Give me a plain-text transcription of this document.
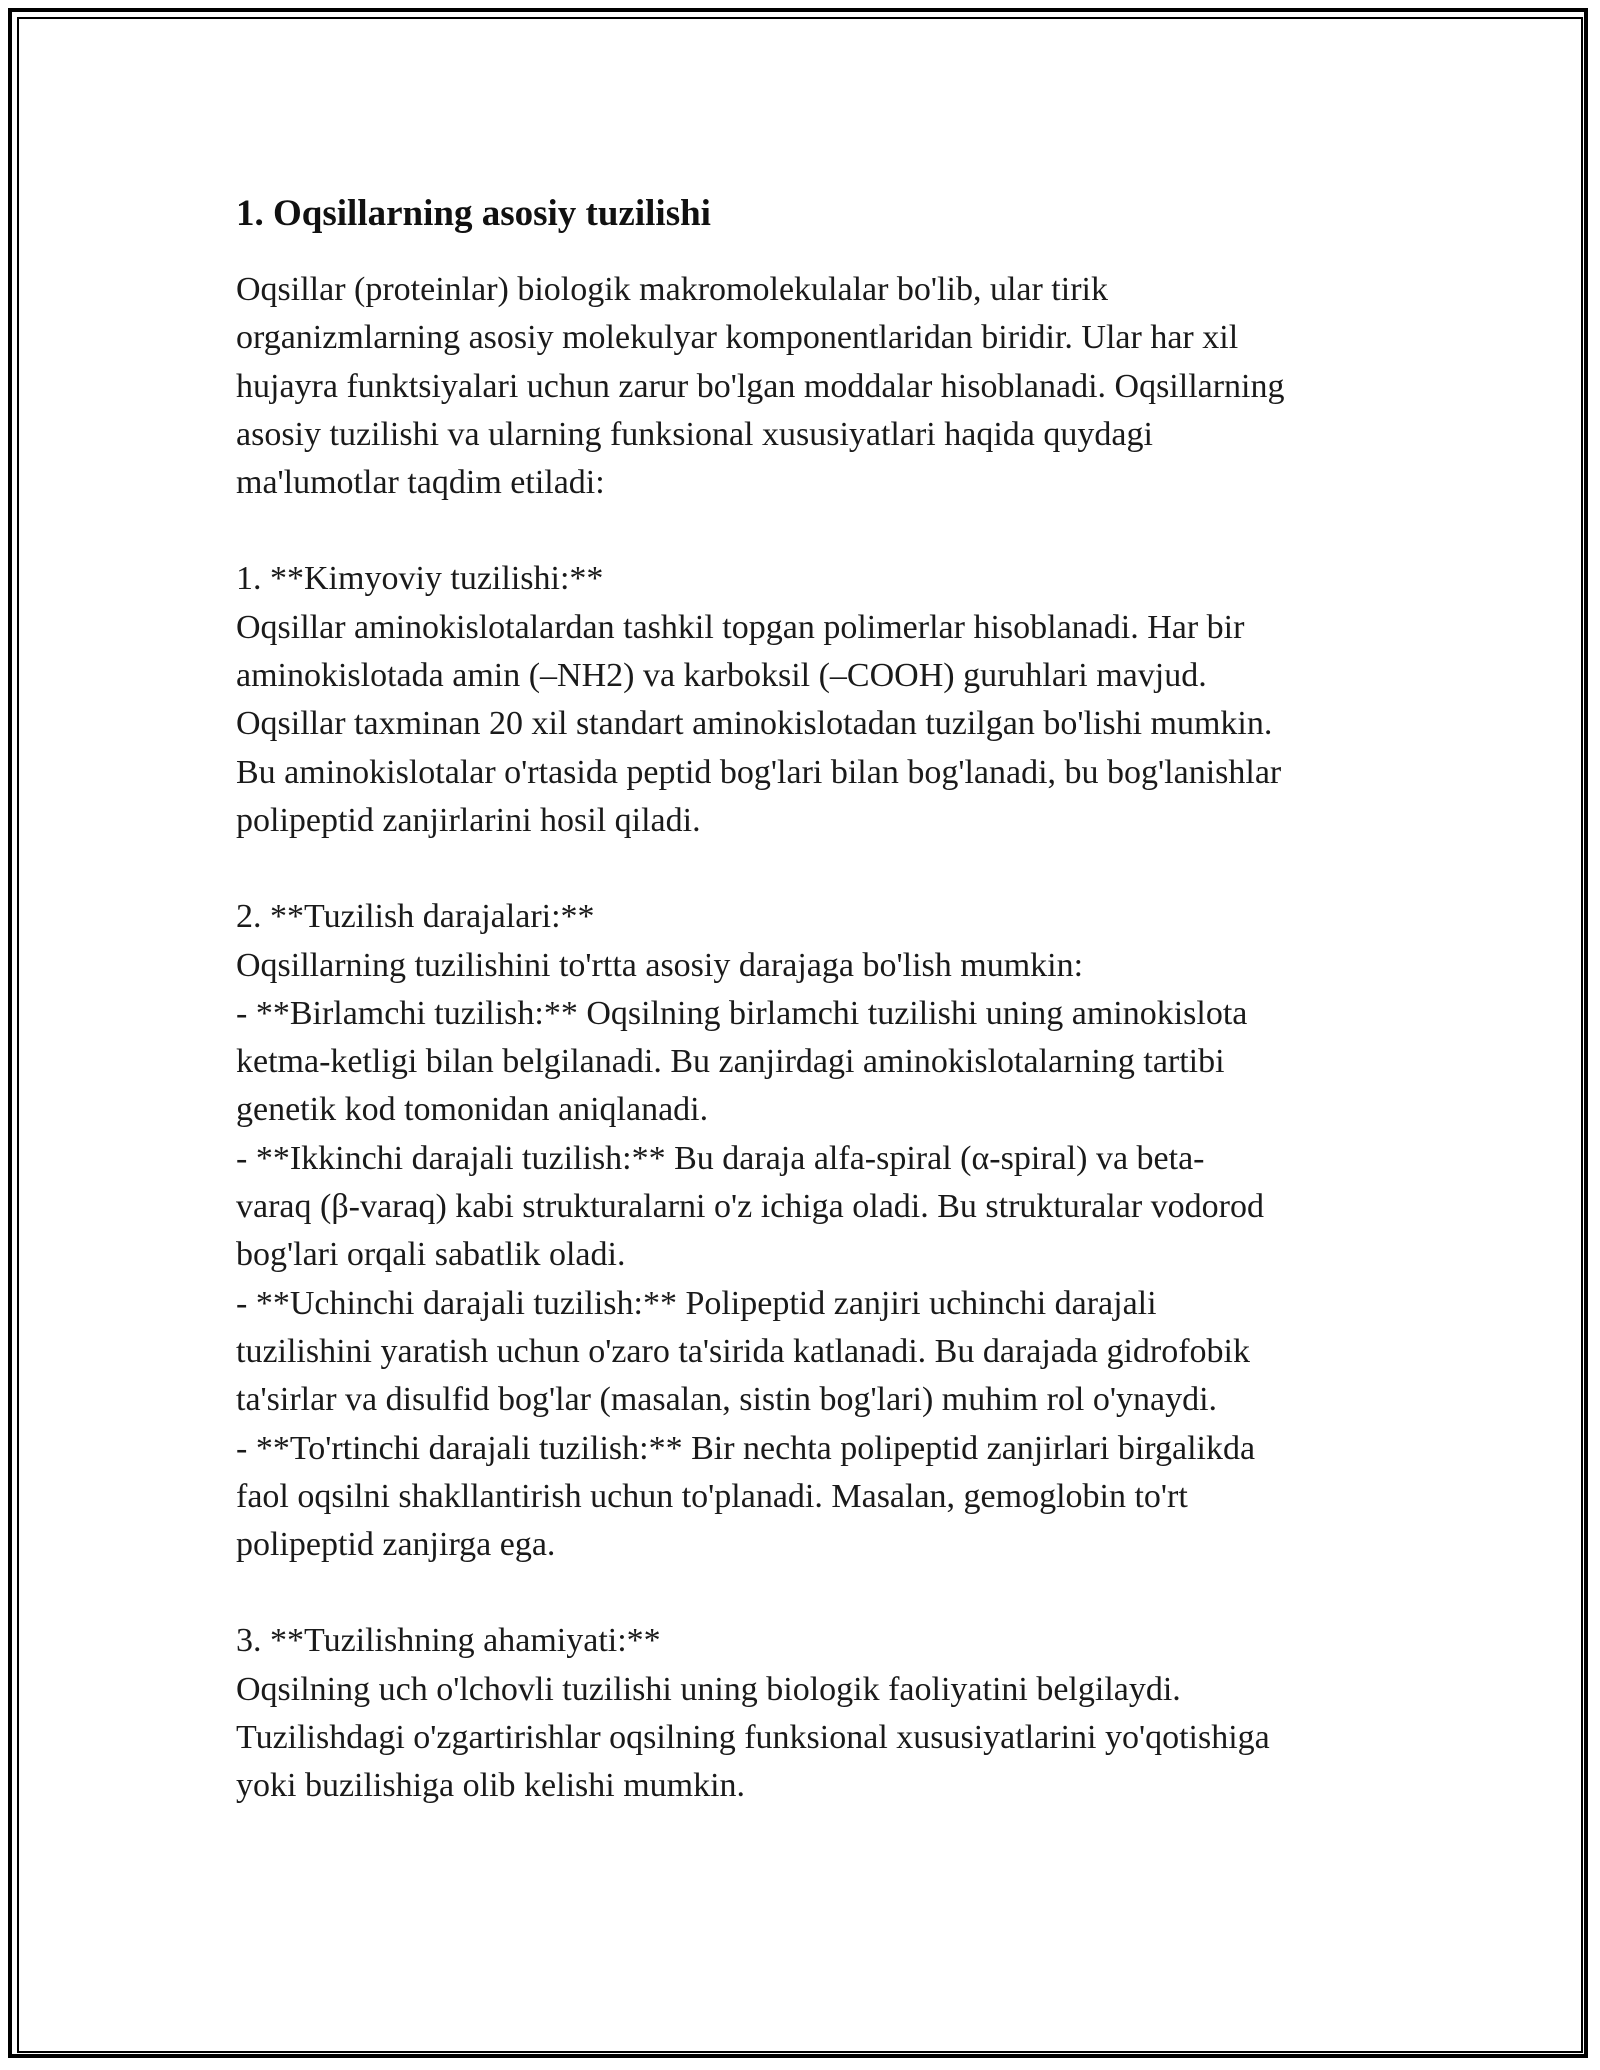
1. Oqsillarning asosiy tuzilishi

Oqsillar (proteinlar) biologik makromolekulalar bo'lib, ular tirik
organizmlarning asosiy molekulyar komponentlaridan biridir. Ular har xil
hujayra funktsiyalari uchun zarur bo'lgan moddalar hisoblanadi. Oqsillarning
asosiy tuzilishi va ularning funksional xususiyatlari haqida quydagi
ma'lumotlar taqdim etiladi:

1. **Kimyoviy tuzilishi:**
Oqsillar aminokislotalardan tashkil topgan polimerlar hisoblanadi. Har bir
aminokislotada amin (–NH2) va karboksil (–COOH) guruhlari mavjud.
Oqsillar taxminan 20 xil standart aminokislotadan tuzilgan bo'lishi mumkin.
Bu aminokislotalar o'rtasida peptid bog'lari bilan bog'lanadi, bu bog'lanishlar
polipeptid zanjirlarini hosil qiladi.

2. **Tuzilish darajalari:**
Oqsillarning tuzilishini to'rtta asosiy darajaga bo'lish mumkin:
- **Birlamchi tuzilish:** Oqsilning birlamchi tuzilishi uning aminokislota
ketma-ketligi bilan belgilanadi. Bu zanjirdagi aminokislotalarning tartibi
genetik kod tomonidan aniqlanadi.
- **Ikkinchi darajali tuzilish:** Bu daraja alfa-spiral (α-spiral) va beta-
varaq (β-varaq) kabi strukturalarni o'z ichiga oladi. Bu strukturalar vodorod
bog'lari orqali sabatlik oladi.
- **Uchinchi darajali tuzilish:** Polipeptid zanjiri uchinchi darajali
tuzilishini yaratish uchun o'zaro ta'sirida katlanadi. Bu darajada gidrofobik
ta'sirlar va disulfid bog'lar (masalan, sistin bog'lari) muhim rol o'ynaydi.
- **To'rtinchi darajali tuzilish:** Bir nechta polipeptid zanjirlari birgalikda
faol oqsilni shakllantirish uchun to'planadi. Masalan, gemoglobin to'rt
polipeptid zanjirga ega.

3. **Tuzilishning ahamiyati:**
Oqsilning uch o'lchovli tuzilishi uning biologik faoliyatini belgilaydi.
Tuzilishdagi o'zgartirishlar oqsilning funksional xususiyatlarini yo'qotishiga
yoki buzilishiga olib kelishi mumkin.
